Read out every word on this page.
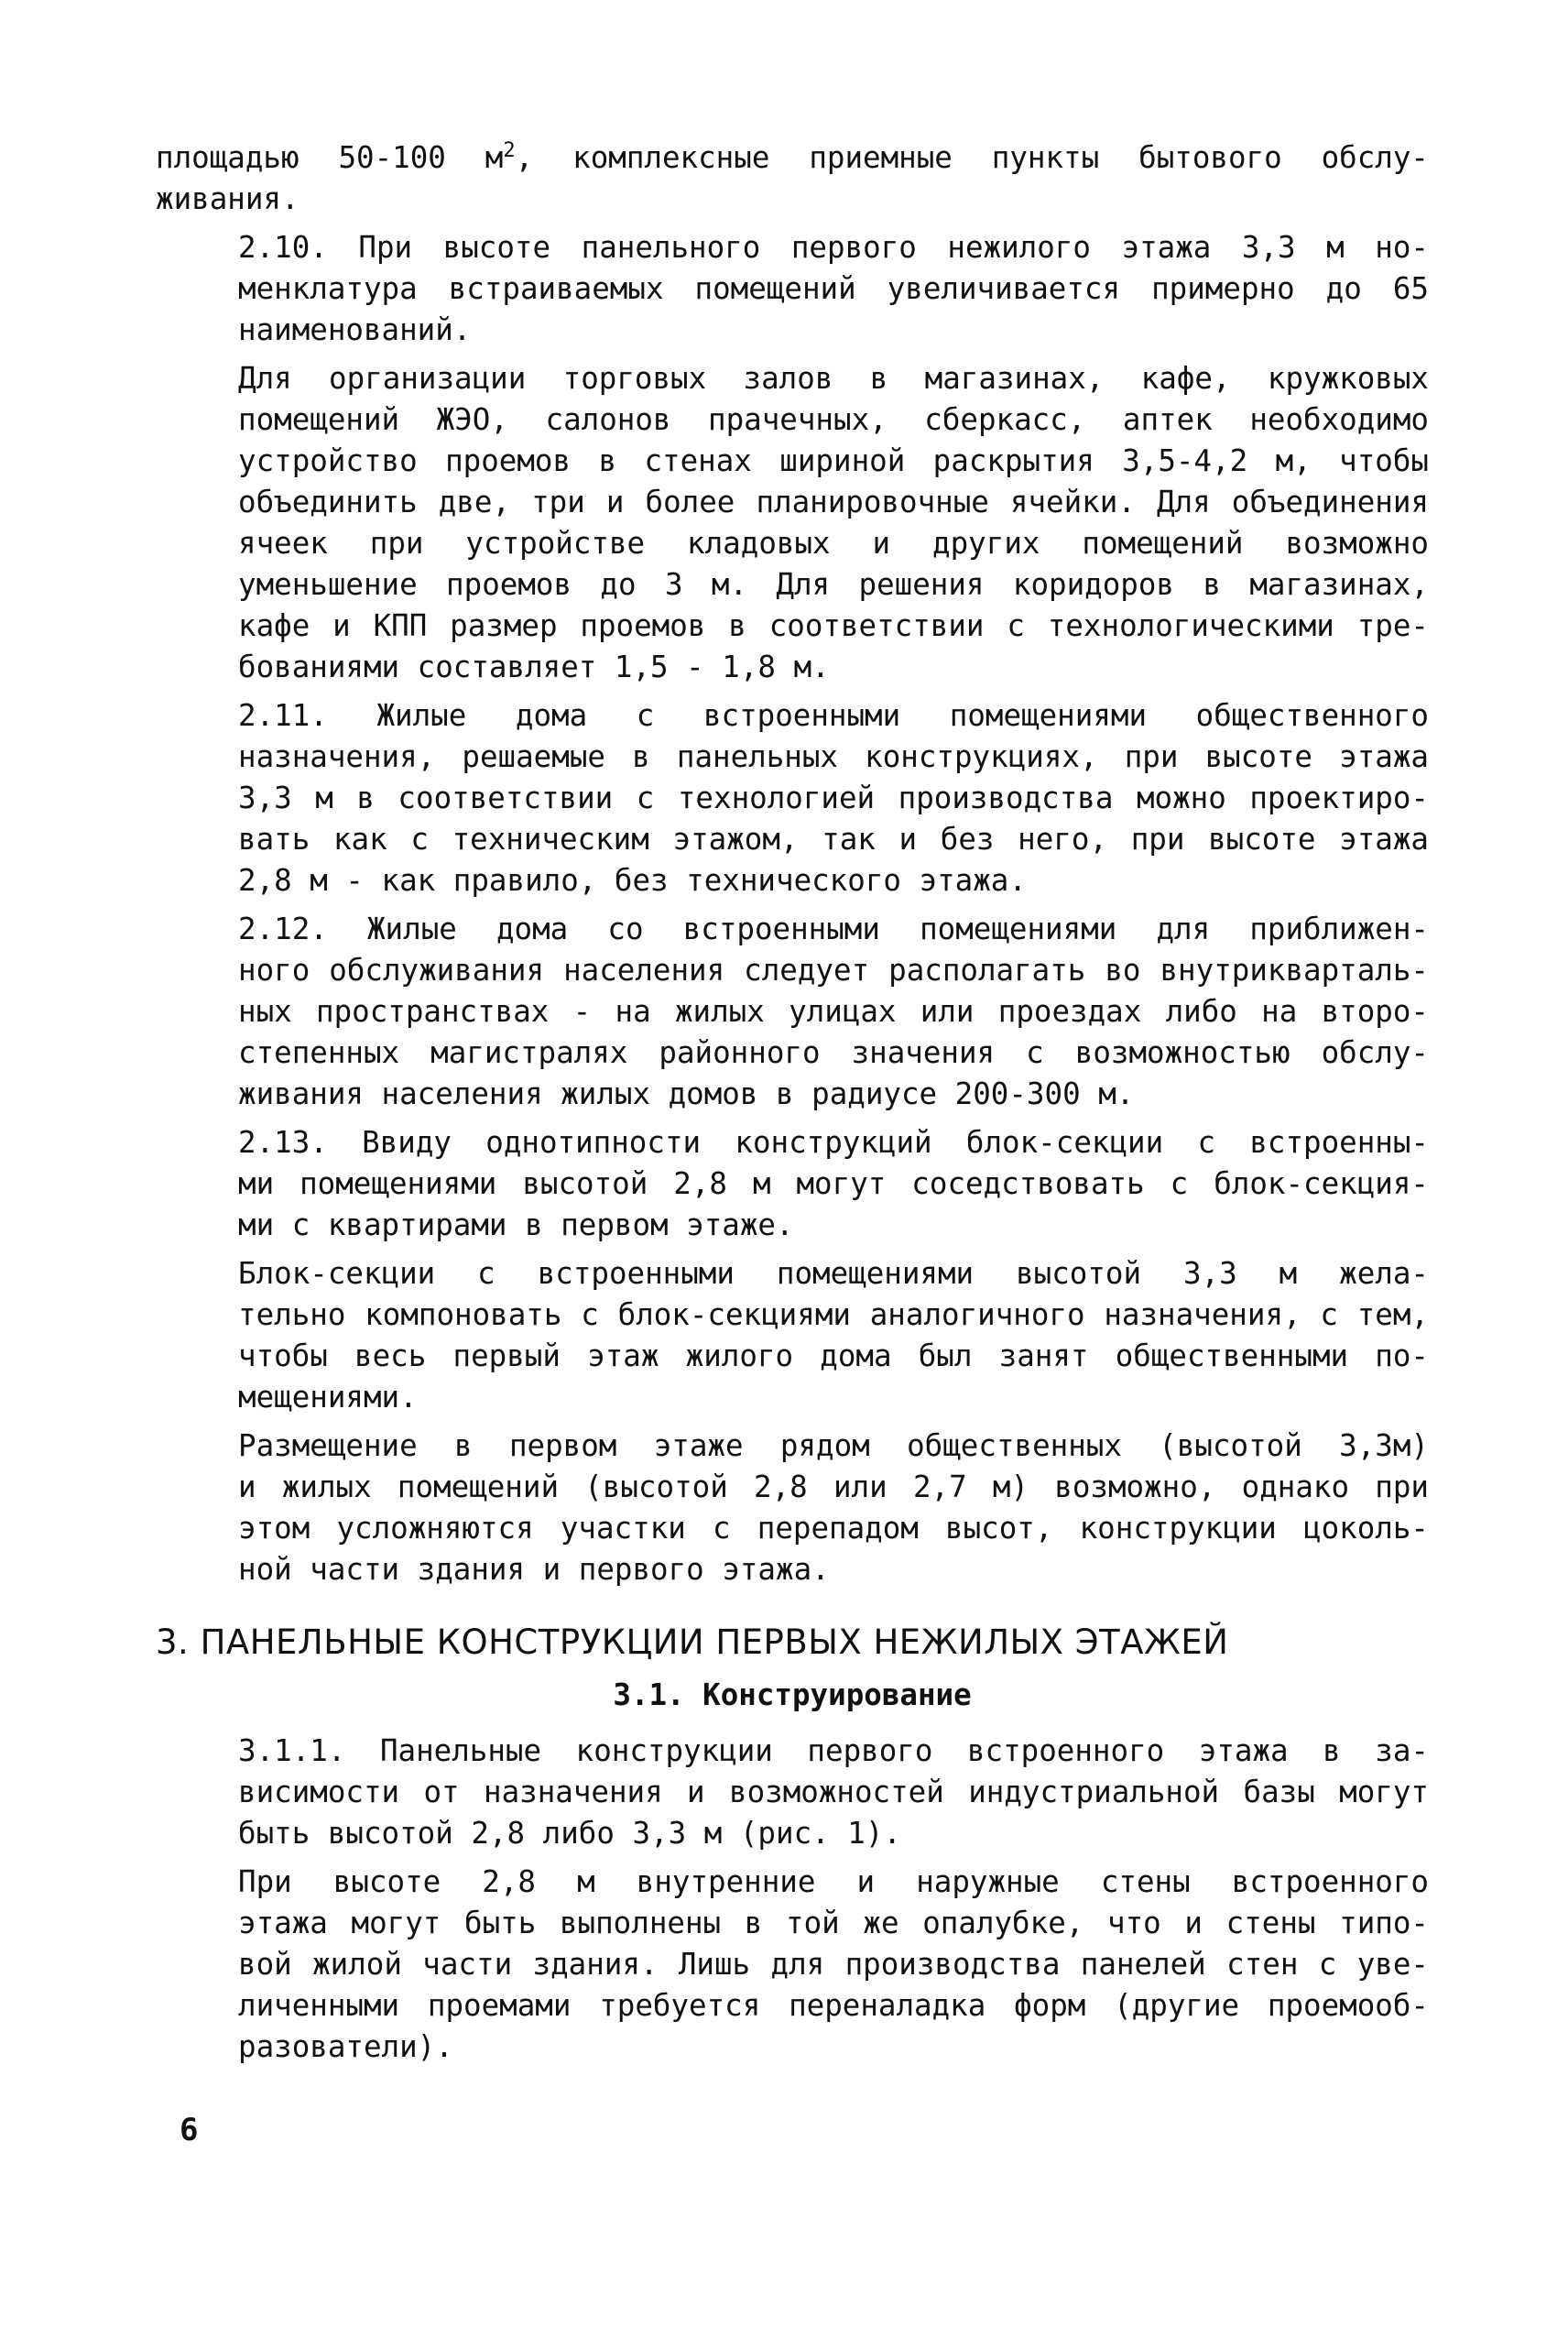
площадью 50-100 $м^2$, комплексные приемные пункты бытового обслу-
живания.

2.10. При высоте панельного первого нежилого этажа 3,3 м но-
менклатура встраиваемых помещений увеличивается примерно до 65
наименований.

Для организации торговых залов в магазинах, кафе, кружковых
помещений ЖЭО, салонов прачечных, сберкасс, аптек необходимо
устройство проемов в стенах шириной раскрытия 3,5-4,2 м, чтобы
объединить две, три и более планировочные ячейки. Для объединения
ячеек при устройстве кладовых и других помещений возможно
уменьшение проемов до 3 м. Для решения коридоров в магазинах,
кафе и КПП размер проемов в соответствии с технологическими тре-
бованиями составляет 1,5 - 1,8 м.

2.11. Жилые дома с встроенными помещениями общественного
назначения, решаемые в панельных конструкциях, при высоте этажа
3,3 м в соответствии с технологией производства можно проектиро-
вать как с техническим этажом, так и без него, при высоте этажа
2,8 м - как правило, без технического этажа.

2.12. Жилые дома со встроенными помещениями для приближен-
ного обслуживания населения следует располагать во внутрикварталь-
ных пространствах - на жилых улицах или проездах либо на второ-
степенных магистралях районного значения с возможностью обслу-
живания населения жилых домов в радиусе 200-300 м.

2.13. Ввиду однотипности конструкций блок-секции с встроенны-
ми помещениями высотой 2,8 м могут соседствовать с блок-секция-
ми с квартирами в первом этаже.

Блок-секции с встроенными помещениями высотой 3,3 м жела-
тельно компоновать с блок-секциями аналогичного назначения, с тем,
чтобы весь первый этаж жилого дома был занят общественными по-
мещениями.

Размещение в первом этаже рядом общественных (высотой 3,3м)
и жилых помещений (высотой 2,8 или 2,7 м) возможно, однако при
этом усложняются участки с перепадом высот, конструкции цоколь-
ной части здания и первого этажа.

3. ПАНЕЛЬНЫЕ КОНСТРУКЦИИ ПЕРВЫХ НЕЖИЛЫХ ЭТАЖЕЙ
3.1. Конструирование

3.1.1. Панельные конструкции первого встроенного этажа в за-
висимости от назначения и возможностей индустриальной базы могут
быть высотой 2,8 либо 3,3 м (рис. 1).

При высоте 2,8 м внутренние и наружные стены встроенного
этажа могут быть выполнены в той же опалубке, что и стены типо-
вой жилой части здания. Лишь для производства панелей стен с уве-
личенными проемами требуется переналадка форм (другие проемооб-
разователи).

6
